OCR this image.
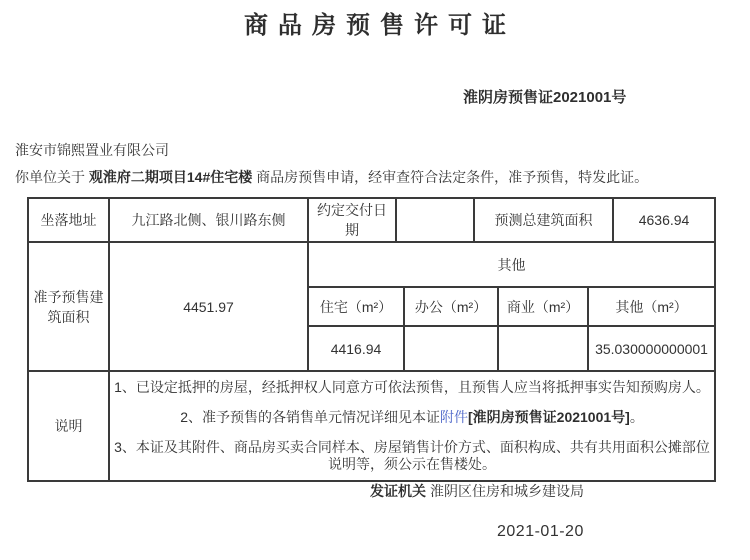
商品房预售许可证
淮阴房预售证2021001号
淮安市锦熙置业有限公司
你单位关于 观淮府二期项目14#住宅楼 商品房预售申请，经审查符合法定条件，准予预售，特发此证。
坐落地址	九江路北侧、银川路东侧	约定交付日期			预测总建筑面积			4636.94
准予预售建筑面积	4451.97	其他						
		住宅（m²）		办公（m²）		商业（m²）	其他（m²）	
		4416.94					35.030000000001	
说明	1、已设定抵押的房屋，经抵押权人同意方可依法预售，且预售人应当将抵押事实告知预购房人。

2、准予预售的各销售单元情况详细见本证附件[淮阴房预售证2021001号]。

3、本证及其附件、商品房买卖合同样本、房屋销售计价方式、面积构成、共有共用面积公摊部位说明等，须公示在售楼处。							

发证机关 淮阴区住房和城乡建设局
2021-01-20
